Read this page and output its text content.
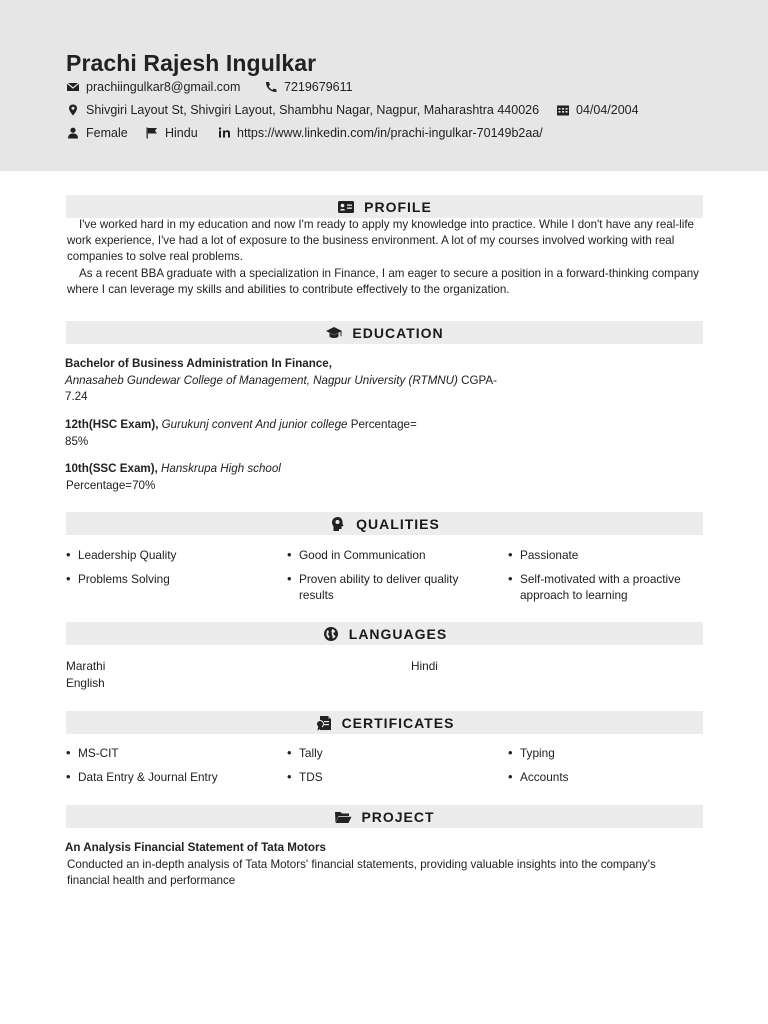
Prachi Rajesh Ingulkar
prachiingulkar8@gmail.com	7219679611
Shivgiri Layout St, Shivgiri Layout, Shambhu Nagar, Nagpur, Maharashtra 440026	04/04/2004
Female	Hindu	https://www.linkedin.com/in/prachi-ingulkar-70149b2aa/
PROFILE

I've worked hard in my education and now I'm ready to apply my knowledge into practice. While I don't have any real-life work experience, I've had a lot of exposure to the business environment. A lot of my courses involved working with real companies to solve real problems.

As a recent BBA graduate with a specialization in Finance, I am eager to secure a position in a forward-thinking company where I can leverage my skills and abilities to contribute effectively to the organization.

EDUCATION
Bachelor of Business Administration In Finance,
Annasaheb Gundewar College of Management, Nagpur University (RTMNU) CGPA-
7.24
12th(HSC Exam), Gurukunj convent And junior college Percentage=
85%
10th(SSC Exam), Hanskrupa High school
Percentage=70%
QUALITIES
• Leadership Quality	• Good in Communication	• Passionate
• Problems Solving	• Proven ability to deliver quality results
• Self-motivated with a proactive approach to learning
LANGUAGES
Marathi	Hindi
English
CERTIFICATES
• MS-CIT	• Tally	• Typing
• Data Entry & Journal Entry	• TDS	• Accounts
PROJECT
An Analysis Financial Statement of Tata Motors
Conducted an in-depth analysis of Tata Motors' financial statements, providing valuable insights into the company's financial health and performance
